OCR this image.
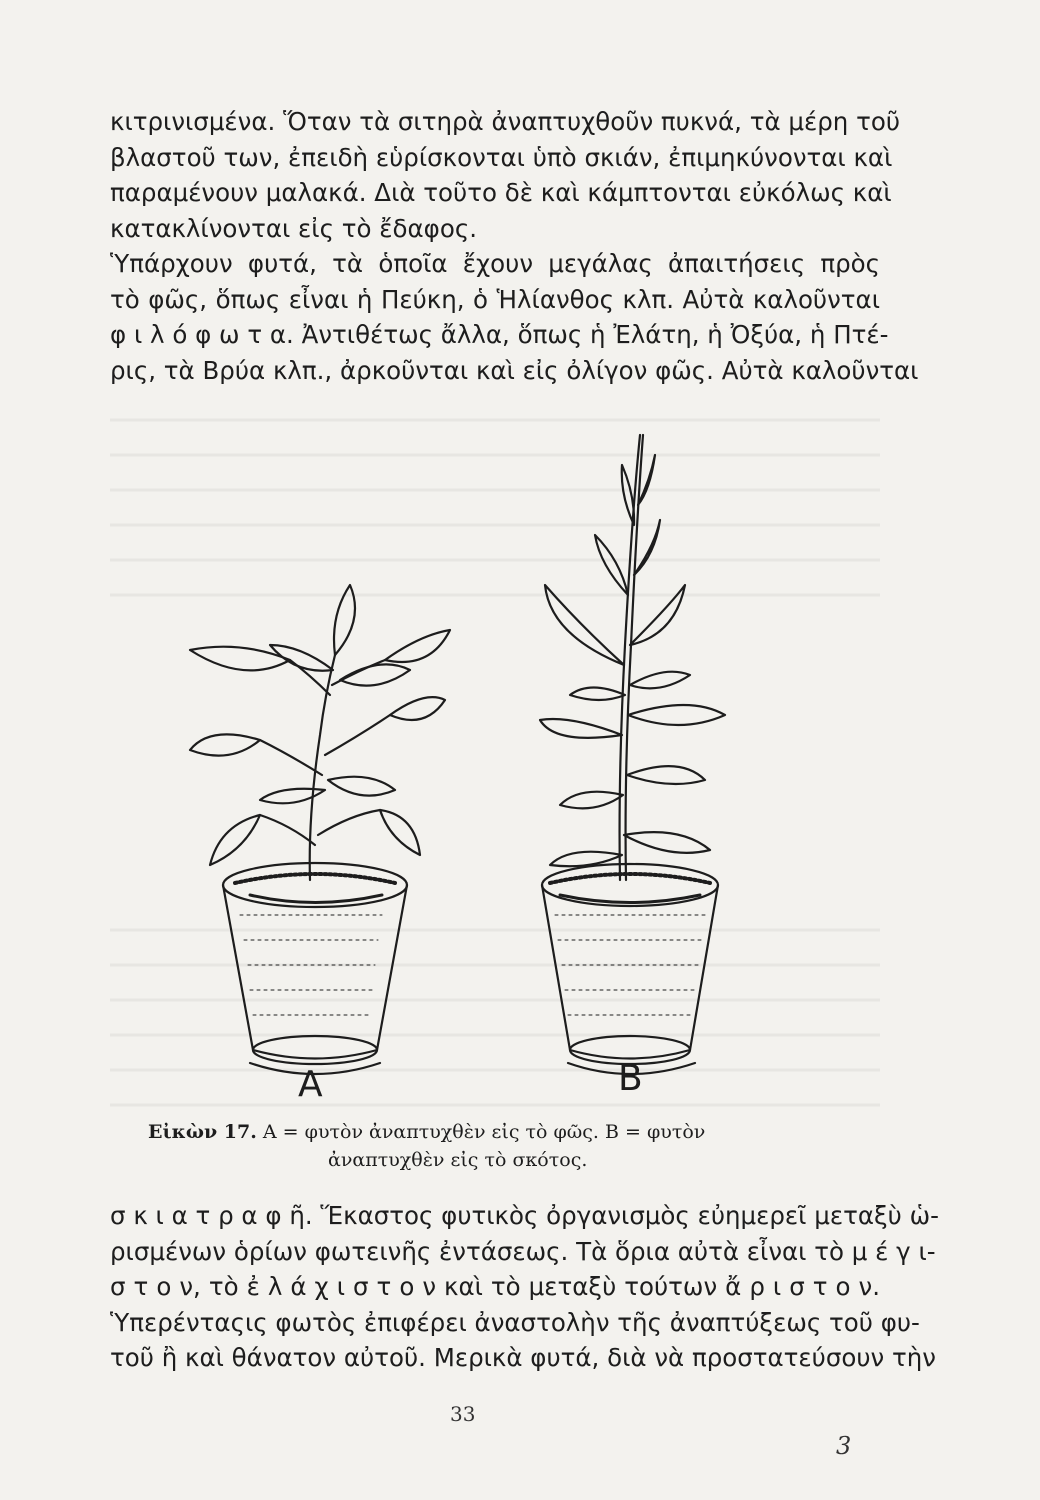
κιτρινισμένα. Ὅταν τὰ σιτηρὰ ἀναπτυχθοῦν πυκνά, τὰ μέρη τοῦ
βλαστοῦ των, ἐπειδὴ εὑρίσκονται ὑπὸ σκιάν, ἐπιμηκύνονται καὶ
παραμένουν μαλακά. Διὰ τοῦτο δὲ καὶ κάμπτονται εὐκόλως καὶ
κατακλίνονται εἰς τὸ ἔδαφος.
Ὑπάρχουν φυτά, τὰ ὁποῖα ἔχουν μεγάλας ἀπαιτήσεις πρὸς
τὸ φῶς, ὅπως εἶναι ἡ Πεύκη, ὁ Ἡλίανθος κλπ. Αὐτὰ καλοῦνται
φ ι λ ό φ ω τ α. Ἀντιθέτως ἄλλα, ὅπως ἡ Ἐλάτη, ἡ Ὀξύα, ἡ Πτέ-
ρις, τὰ Βρύα κλπ., ἀρκοῦνται καὶ εἰς ὀλίγον φῶς. Αὐτὰ καλοῦνται
A	B
Εἰκὼν 17. A = φυτὸν ἀναπτυχθὲν εἰς τὸ φῶς. B = φυτὸν
ἀναπτυχθὲν εἰς τὸ σκότος.
σ κ ι α τ ρ α φ ῆ. Ἕκαστος φυτικὸς ὀργανισμὸς εὐημερεῖ μεταξὺ ὡ-
ρισμένων ὁρίων φωτεινῆς ἐντάσεως. Τὰ ὅρια αὐτὰ εἶναι τὸ μ έ γ ι-
σ τ ο ν, τὸ ἐ λ ά χ ι σ τ ο ν καὶ τὸ μεταξὺ τούτων ἄ ρ ι σ τ ο ν.
Ὑπερένταςις φωτὸς ἐπιφέρει ἀναστολὴν τῆς ἀναπτύξεως τοῦ φυ-
τοῦ ἢ καὶ θάνατον αὐτοῦ. Μερικὰ φυτά, διὰ νὰ προστατεύσουν τὴν
33
3
